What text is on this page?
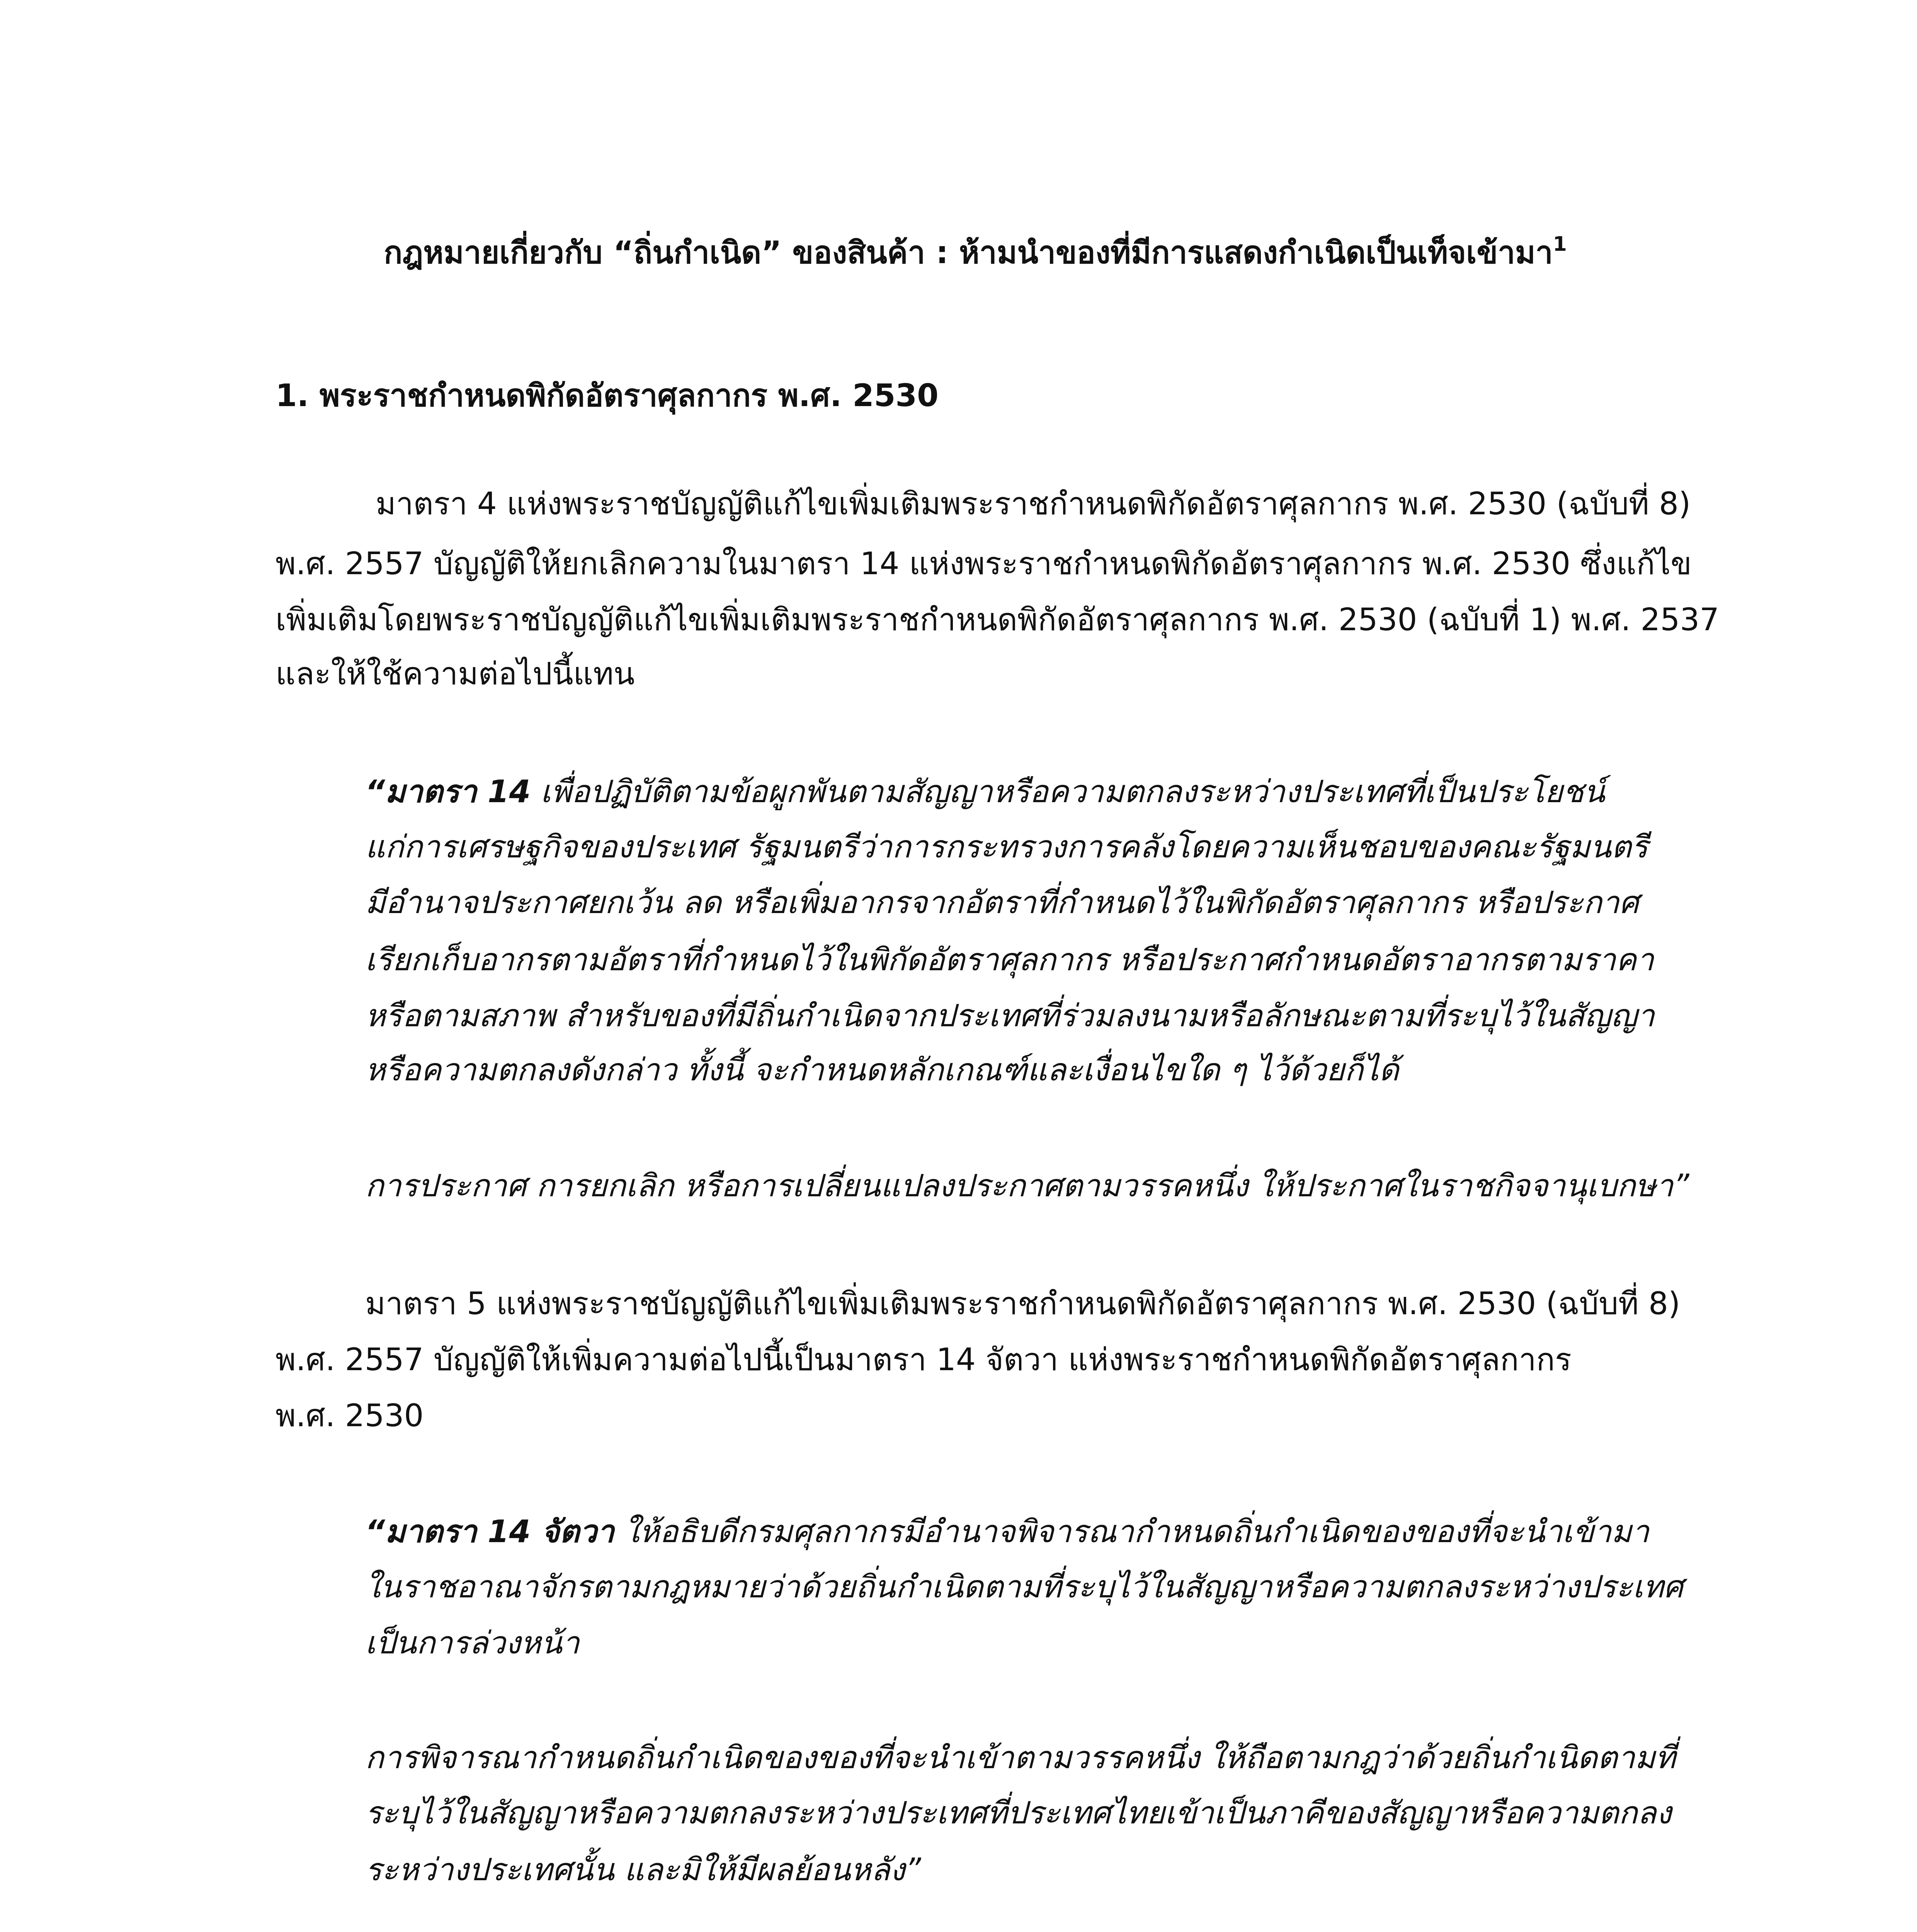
กฎหมายเกี่ยวกับ “ถิ่นกำเนิด” ของสินค้า : ห้ามนำของที่มีการแสดงกำเนิดเป็นเท็จเข้ามา$^1$
1. พระราชกำหนดพิกัดอัตราศุลกากร พ.ศ. 2530
มาตรา 4 แห่งพระราชบัญญัติแก้ไขเพิ่มเติมพระราชกำหนดพิกัดอัตราศุลกากร พ.ศ. 2530 (ฉบับที่ 8)
พ.ศ. 2557 บัญญัติให้ยกเลิกความในมาตรา 14 แห่งพระราชกำหนดพิกัดอัตราศุลกากร พ.ศ. 2530 ซึ่งแก้ไข
เพิ่มเติมโดยพระราชบัญญัติแก้ไขเพิ่มเติมพระราชกำหนดพิกัดอัตราศุลกากร พ.ศ. 2530 (ฉบับที่ 1) พ.ศ. 2537
และให้ใช้ความต่อไปนี้แทน
“มาตรา 14 เพื่อปฏิบัติตามข้อผูกพันตามสัญญาหรือความตกลงระหว่างประเทศที่เป็นประโยชน์
แก่การเศรษฐกิจของประเทศ รัฐมนตรีว่าการกระทรวงการคลังโดยความเห็นชอบของคณะรัฐมนตรี
มีอำนาจประกาศยกเว้น ลด หรือเพิ่มอากรจากอัตราที่กำหนดไว้ในพิกัดอัตราศุลกากร หรือประกาศ
เรียกเก็บอากรตามอัตราที่กำหนดไว้ในพิกัดอัตราศุลกากร หรือประกาศกำหนดอัตราอากรตามราคา
หรือตามสภาพ สำหรับของที่มีถิ่นกำเนิดจากประเทศที่ร่วมลงนามหรือลักษณะตามที่ระบุไว้ในสัญญา
หรือความตกลงดังกล่าว ทั้งนี้ จะกำหนดหลักเกณฑ์และเงื่อนไขใด ๆ ไว้ด้วยก็ได้
การประกาศ การยกเลิก หรือการเปลี่ยนแปลงประกาศตามวรรคหนึ่ง ให้ประกาศในราชกิจจานุเบกษา”
มาตรา 5 แห่งพระราชบัญญัติแก้ไขเพิ่มเติมพระราชกำหนดพิกัดอัตราศุลกากร พ.ศ. 2530 (ฉบับที่ 8)
พ.ศ. 2557 บัญญัติให้เพิ่มความต่อไปนี้เป็นมาตรา 14 จัตวา แห่งพระราชกำหนดพิกัดอัตราศุลกากร
พ.ศ. 2530
“มาตรา 14 จัตวา ให้อธิบดีกรมศุลกากรมีอำนาจพิจารณากำหนดถิ่นกำเนิดของของที่จะนำเข้ามา
ในราชอาณาจักรตามกฎหมายว่าด้วยถิ่นกำเนิดตามที่ระบุไว้ในสัญญาหรือความตกลงระหว่างประเทศ
เป็นการล่วงหน้า
การพิจารณากำหนดถิ่นกำเนิดของของที่จะนำเข้าตามวรรคหนึ่ง ให้ถือตามกฎว่าด้วยถิ่นกำเนิดตามที่
ระบุไว้ในสัญญาหรือความตกลงระหว่างประเทศที่ประเทศไทยเข้าเป็นภาคีของสัญญาหรือความตกลง
ระหว่างประเทศนั้น และมิให้มีผลย้อนหลัง”
